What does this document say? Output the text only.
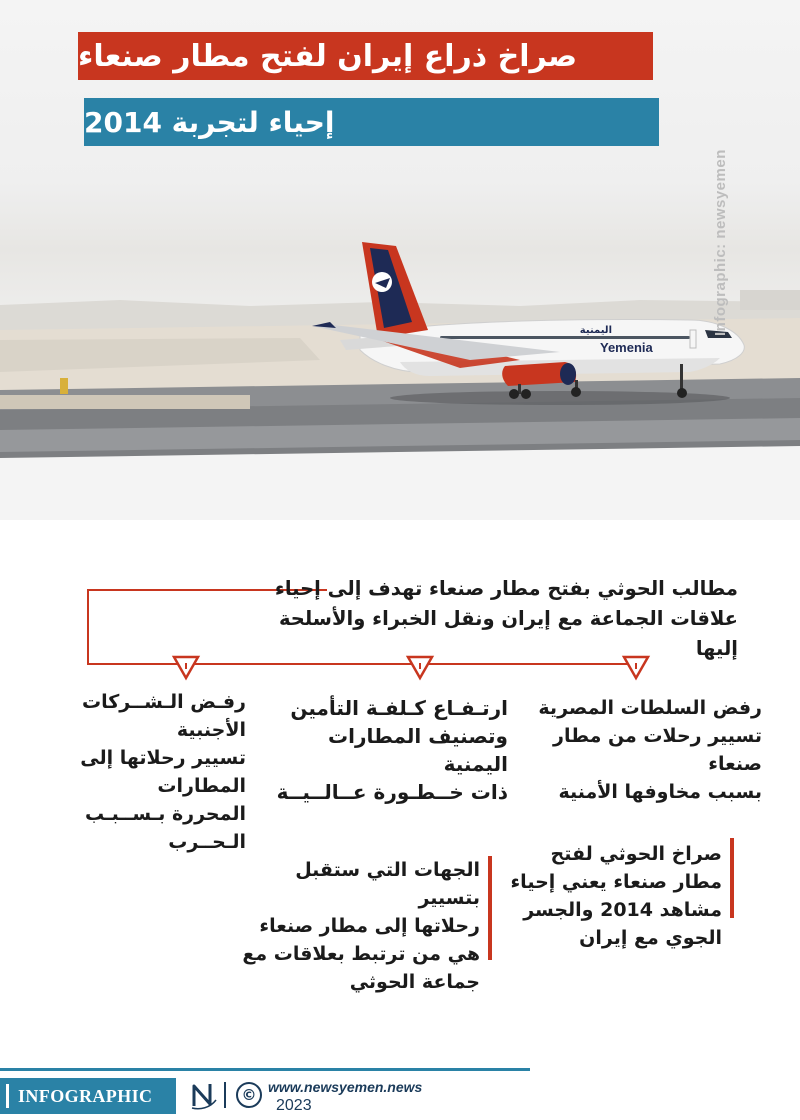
Yemenia
اليمنية
صراخ ذراع إيران لفتح مطار صنعاء
إحياء لتجربة 2014
Infographic: newsyemen
مطالب الحوثي بفتح مطار صنعاء تهدف إلى إحياء
علاقات الجماعة مع إيران ونقل الخبراء والأسلحة إليها
رفض السلطات المصرية
تسيير رحلات من مطار صنعاء
بسبب مخاوفها الأمنية
ارتـفـاع كـلفـة التأمين
وتصنيف المطارات اليمنية
ذات خــطـورة عــالــيــة
رفـض الـشــركات الأجنبية
تسيير رحلاتها إلى المطارات
المحررة بـســبـب الـحــرب
صراخ الحوثي لفتح
مطار صنعاء يعني إحياء
مشاهد 2014 والجسر
الجوي مع إيران
الجهات التي ستقبل بتسيير
رحلاتها إلى مطار صنعاء
هي من ترتبط بعلاقات مع
جماعة الحوثي
INFOGRAPHIC	© www.newsyemen.news
2023
